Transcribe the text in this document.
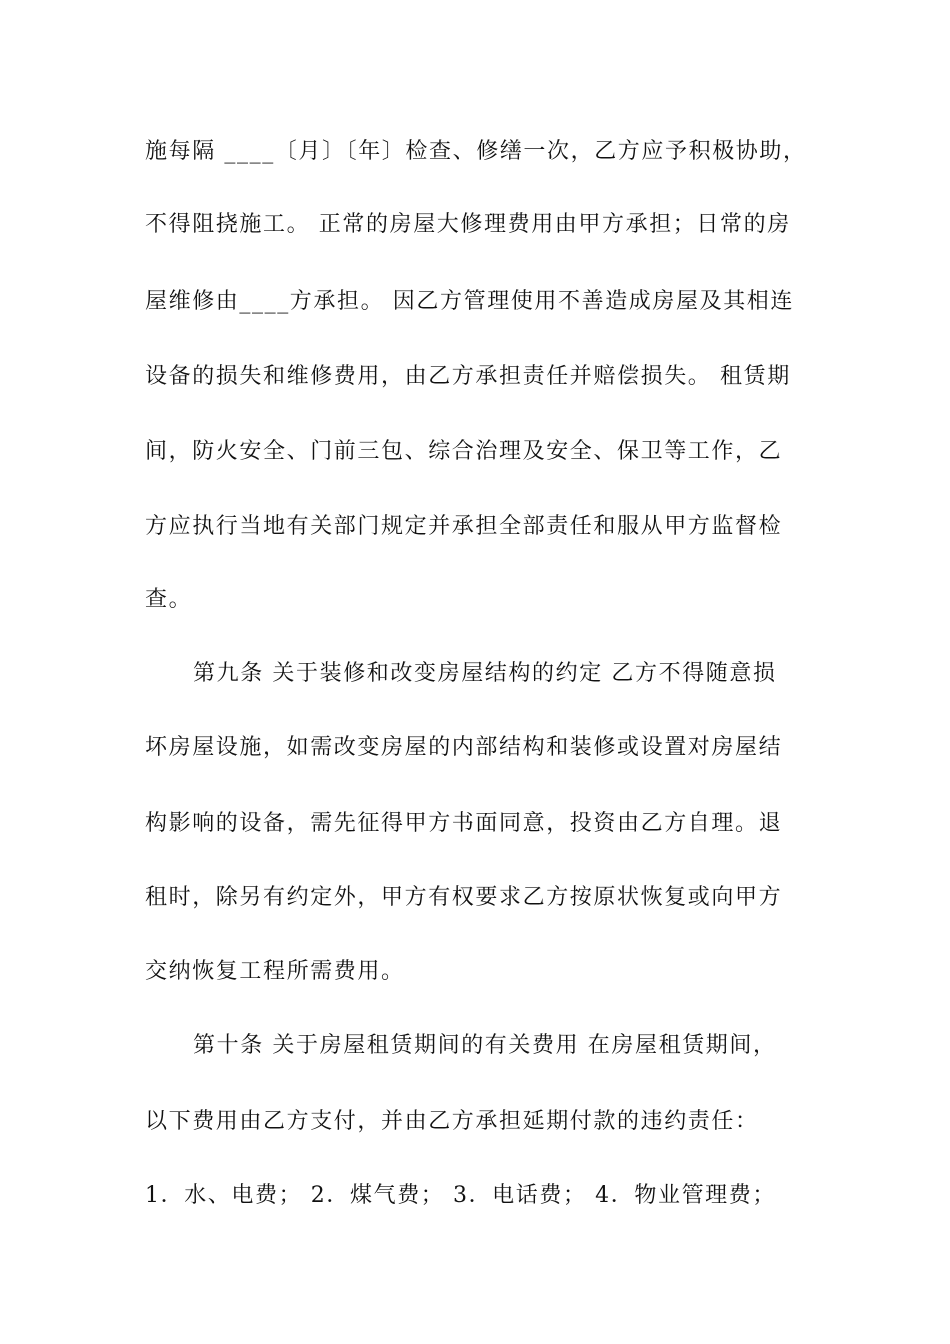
施每隔 ____〔月〕〔年〕检查、修缮一次，乙方应予积极协助，
不得阻挠施工。 正常的房屋大修理费用由甲方承担；日常的房
屋维修由____方承担。 因乙方管理使用不善造成房屋及其相连
设备的损失和维修费用，由乙方承担责任并赔偿损失。 租赁期
间，防火安全、门前三包、综合治理及安全、保卫等工作，乙
方应执行当地有关部门规定并承担全部责任和服从甲方监督检
查。
第九条 关于装修和改变房屋结构的约定 乙方不得随意损
坏房屋设施，如需改变房屋的内部结构和装修或设置对房屋结
构影响的设备，需先征得甲方书面同意，投资由乙方自理。退
租时，除另有约定外，甲方有权要求乙方按原状恢复或向甲方
交纳恢复工程所需费用。
第十条 关于房屋租赁期间的有关费用 在房屋租赁期间，
以下费用由乙方支付，并由乙方承担延期付款的违约责任：
1．水、电费； 2．煤气费； 3．电话费； 4．物业管理费；
